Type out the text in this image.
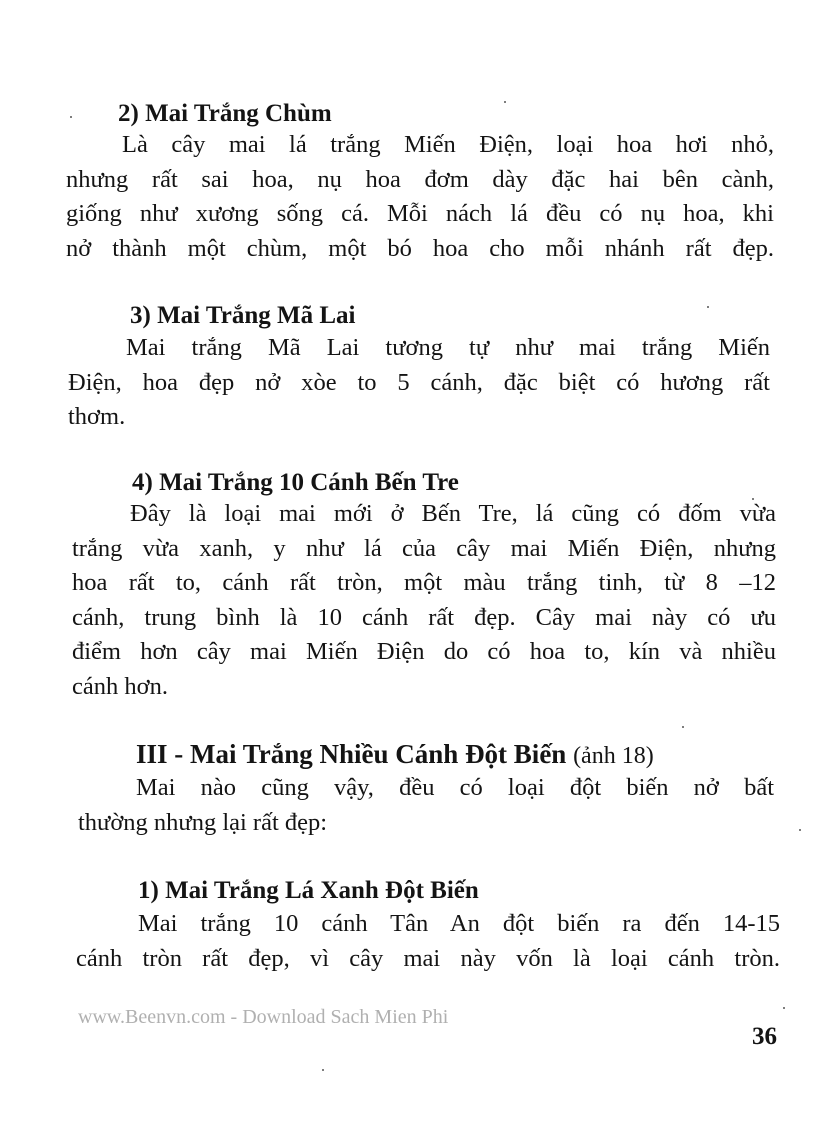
2) Mai Trắng Chùm
Là cây mai lá trắng Miến Điện, loại hoa hơi nhỏ,
nhưng rất sai hoa, nụ hoa đơm dày đặc hai bên cành,
giống như xương sống cá. Mỗi nách lá đều có nụ hoa, khi
nở thành một chùm, một bó hoa cho mỗi nhánh rất đẹp.
3) Mai Trắng Mã Lai
Mai trắng Mã Lai tương tự như mai trắng Miến
Điện, hoa đẹp nở xòe to 5 cánh, đặc biệt có hương rất
thơm.
4) Mai Trắng 10 Cánh Bến Tre
Đây là loại mai mới ở Bến Tre, lá cũng có đốm vừa
trắng vừa xanh, y như lá của cây mai Miến Điện, nhưng
hoa rất to, cánh rất tròn, một màu trắng tinh, từ 8 –12
cánh, trung bình là 10 cánh rất đẹp. Cây mai này có ưu
điểm hơn cây mai Miến Điện do có hoa to, kín và nhiều
cánh hơn.
III - Mai Trắng Nhiều Cánh Đột Biến (ảnh 18)
Mai nào cũng vậy, đều có loại đột biến nở bất
thường nhưng lại rất đẹp:
1) Mai Trắng Lá Xanh Đột Biến
Mai trắng 10 cánh Tân An đột biến ra đến 14-15
cánh tròn rất đẹp, vì cây mai này vốn là loại cánh tròn.
www.Beenvn.com - Download Sach Mien Phi
36
